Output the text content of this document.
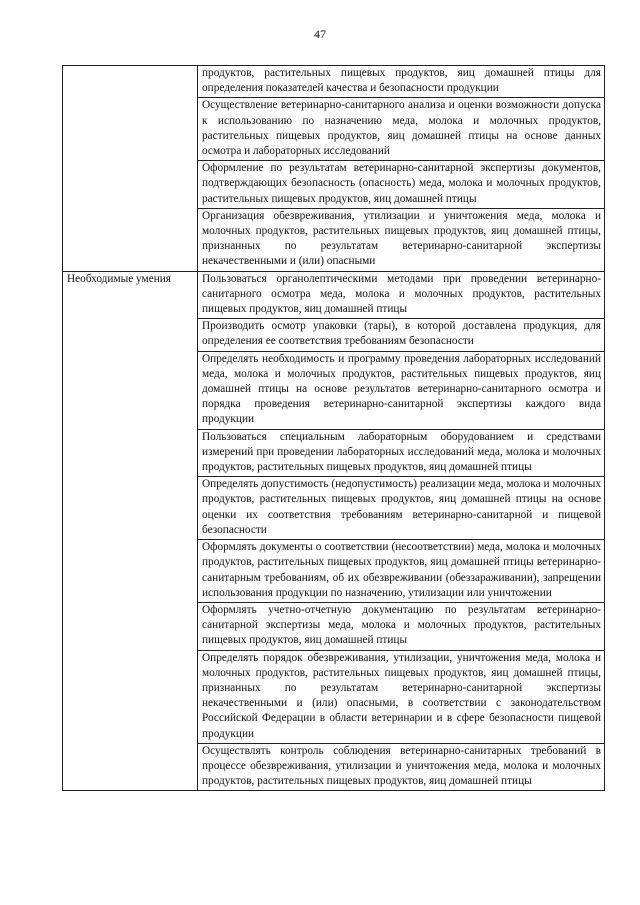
47
	продуктов, растительных пищевых продуктов, яиц домашней птицы для определения показателей качества и безопасности продукции
	Осуществление ветеринарно-санитарного анализа и оценки возможности допуска к использованию по назначению меда, молока и молочных продуктов, растительных пищевых продуктов, яиц домашней птицы на основе данных осмотра и лабораторных исследований
	Оформление по результатам ветеринарно-санитарной экспертизы документов, подтверждающих безопасность (опасность) меда, молока и молочных продуктов, растительных пищевых продуктов, яиц домашней птицы
	Организация обезвреживания, утилизации и уничтожения меда, молока и молочных продуктов, растительных пищевых продуктов, яиц домашней птицы, признанных по результатам ветеринарно-санитарной экспертизы некачественными и (или) опасными
Необходимые умения	Пользоваться органолептическими методами при проведении ветеринарно-санитарного осмотра меда, молока и молочных продуктов, растительных пищевых продуктов, яиц домашней птицы
	Производить осмотр упаковки (тары), в которой доставлена продукция, для определения ее соответствия требованиям безопасности
	Определять необходимость и программу проведения лабораторных исследований меда, молока и молочных продуктов, растительных пищевых продуктов, яиц домашней птицы на основе результатов ветеринарно-санитарного осмотра и порядка проведения ветеринарно-санитарной экспертизы каждого вида продукции
	Пользоваться специальным лабораторным оборудованием и средствами измерений при проведении лабораторных исследований меда, молока и молочных продуктов, растительных пищевых продуктов, яиц домашней птицы
	Определять допустимость (недопустимость) реализации меда, молока и молочных продуктов, растительных пищевых продуктов, яиц домашней птицы на основе оценки их соответствия требованиям ветеринарно-санитарной и пищевой безопасности
	Оформлять документы о соответствии (несоответствии) меда, молока и молочных продуктов, растительных пищевых продуктов, яиц домашней птицы ветеринарно-санитарным требованиям, об их обезвреживании (обеззараживании), запрещении использования продукции по назначению, утилизации или уничтожении
	Оформлять учетно-отчетную документацию по результатам ветеринарно-санитарной экспертизы меда, молока и молочных продуктов, растительных пищевых продуктов, яиц домашней птицы
	Определять порядок обезвреживания, утилизации, уничтожения меда, молока и молочных продуктов, растительных пищевых продуктов, яиц домашней птицы, признанных по результатам ветеринарно-санитарной экспертизы некачественными и (или) опасными, в соответствии с законодательством Российской Федерации в области ветеринарии и в сфере безопасности пищевой продукции
	Осуществлять контроль соблюдения ветеринарно-санитарных требований в процессе обезвреживания, утилизации и уничтожения меда, молока и молочных продуктов, растительных пищевых продуктов, яиц домашней птицы
